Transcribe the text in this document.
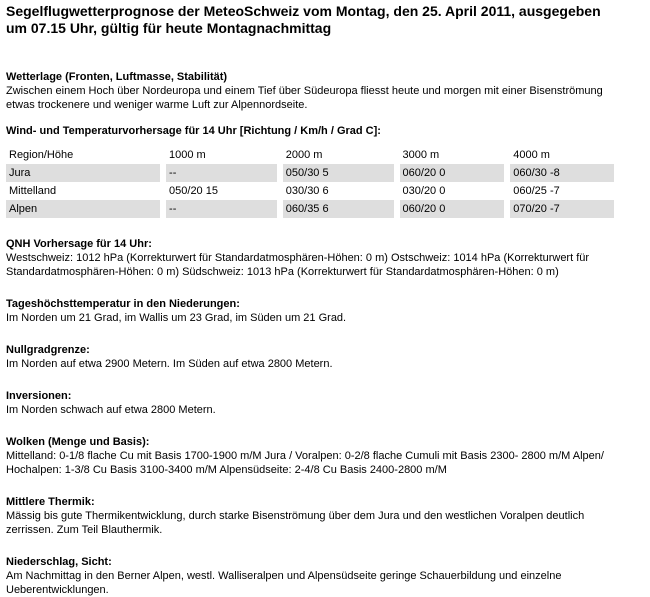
Segelflugwetterprognose der MeteoSchweiz vom Montag, den 25. April 2011, ausgegeben um 07.15 Uhr, gültig für heute Montagnachmittag
Wetterlage (Fronten, Luftmasse, Stabilität)
Zwischen einem Hoch über Nordeuropa und einem Tief über Südeuropa fliesst heute und morgen mit einer Bisenströmung etwas trockenere und weniger warme Luft zur Alpennordseite.
Wind- und Temperaturvorhersage für 14 Uhr [Richtung / Km/h / Grad C]:
Region/Höhe		1000 m		2000 m		3000 m		4000 m
Jura		--		050/30 5		060/20 0		060/30 -8
Mittelland		050/20 15		030/30 6		030/20 0		060/25 -7
Alpen		--		060/35 6		060/20 0		070/20 -7
QNH Vorhersage für 14 Uhr:
Westschweiz: 1012 hPa (Korrekturwert für Standardatmosphären-Höhen: 0 m) Ostschweiz: 1014 hPa (Korrekturwert für Standardatmosphären-Höhen: 0 m) Südschweiz: 1013 hPa (Korrekturwert für Standardatmosphären-Höhen: 0 m)
Tageshöchsttemperatur in den Niederungen:
Im Norden um 21 Grad, im Wallis um 23 Grad, im Süden um 21 Grad.
Nullgradgrenze:
Im Norden auf etwa 2900 Metern. Im Süden auf etwa 2800 Metern.
Inversionen:
Im Norden schwach auf etwa 2800 Metern.
Wolken (Menge und Basis):
Mittelland: 0-1/8 flache Cu mit Basis 1700-1900 m/M Jura / Voralpen: 0-2/8 flache Cumuli mit Basis 2300- 2800 m/M Alpen/ Hochalpen: 1-3/8 Cu Basis 3100-3400 m/M Alpensüdseite: 2-4/8 Cu Basis 2400-2800 m/M
Mittlere Thermik:
Mässig bis gute Thermikentwicklung, durch starke Bisenströmung über dem Jura und den westlichen Voralpen deutlich zerrissen. Zum Teil Blauthermik.
Niederschlag, Sicht:
Am Nachmittag in den Berner Alpen, westl. Walliseralpen und Alpensüdseite geringe Schauerbildung und einzelne Ueberentwicklungen.
